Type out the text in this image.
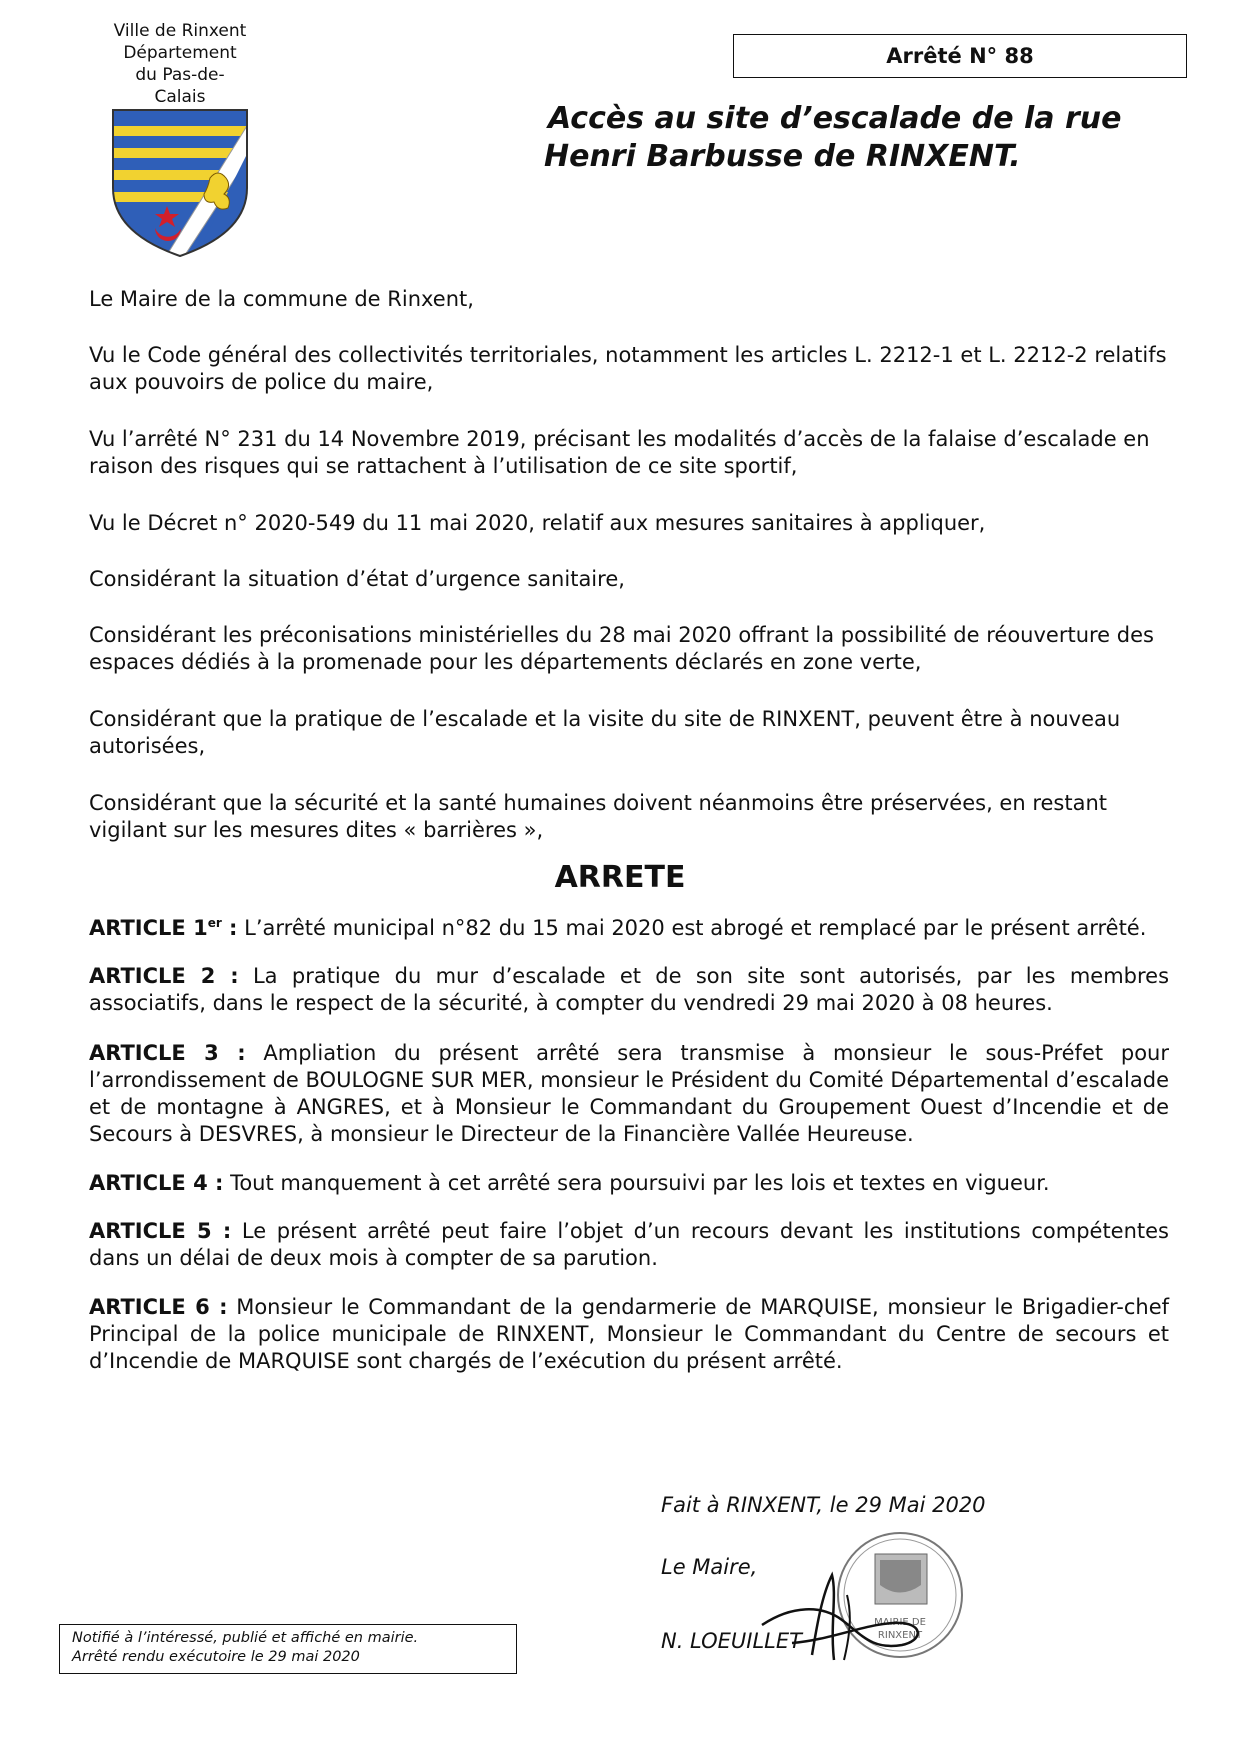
Ville de Rinxent
Département
du Pas-de-
Calais
Arrêté N° 88
Accès au site d’escalade de la rue
Henri Barbusse de RINXENT.
Le Maire de la commune de Rinxent,
Vu le Code général des collectivités territoriales, notamment les articles L. 2212-1 et L. 2212-2 relatifs aux pouvoirs de police du maire,
Vu l’arrêté N° 231 du 14 Novembre 2019, précisant les modalités d’accès de la falaise d’escalade en raison des risques qui se rattachent à l’utilisation de ce site sportif,
Vu le Décret n° 2020-549 du 11 mai 2020, relatif aux mesures sanitaires à appliquer,
Considérant la situation d’état d’urgence sanitaire,
Considérant les préconisations ministérielles du 28 mai 2020 offrant la possibilité de réouverture des espaces dédiés à la promenade pour les départements déclarés en zone verte,
Considérant que la pratique de l’escalade et la visite du site de RINXENT, peuvent être à nouveau autorisées,
Considérant que la sécurité et la santé humaines doivent néanmoins être préservées, en restant vigilant sur les mesures dites « barrières »,
ARRETE
ARTICLE 1er : L’arrêté municipal n°82 du 15 mai 2020 est abrogé et remplacé par le présent arrêté.
ARTICLE 2 : La pratique du mur d’escalade et de son site sont autorisés, par les membres associatifs, dans le respect de la sécurité, à compter du vendredi 29 mai 2020 à 08 heures.
ARTICLE 3 : Ampliation du présent arrêté sera transmise à monsieur le sous-Préfet pour l’arrondissement de BOULOGNE SUR MER, monsieur le Président du Comité Départemental d’escalade et de montagne à ANGRES, et à Monsieur le Commandant du Groupement Ouest d’Incendie et de Secours à DESVRES, à monsieur le Directeur de la Financière Vallée Heureuse.
ARTICLE 4 : Tout manquement à cet arrêté sera poursuivi par les lois et textes en vigueur.
ARTICLE 5 : Le présent arrêté peut faire l’objet d’un recours devant les institutions compétentes dans un délai de deux mois à compter de sa parution.
ARTICLE 6 : Monsieur le Commandant de la gendarmerie de MARQUISE, monsieur le Brigadier-chef Principal de la police municipale de RINXENT, Monsieur le Commandant du Centre de secours et d’Incendie de MARQUISE sont chargés de l’exécution du présent arrêté.
MAIRIE DE
RINXENT
Fait à RINXENT, le 29 Mai 2020
Le Maire,
N. LOEUILLET
Notifié à l’intéressé, publié et affiché en mairie.
Arrêté rendu exécutoire le 29 mai 2020
